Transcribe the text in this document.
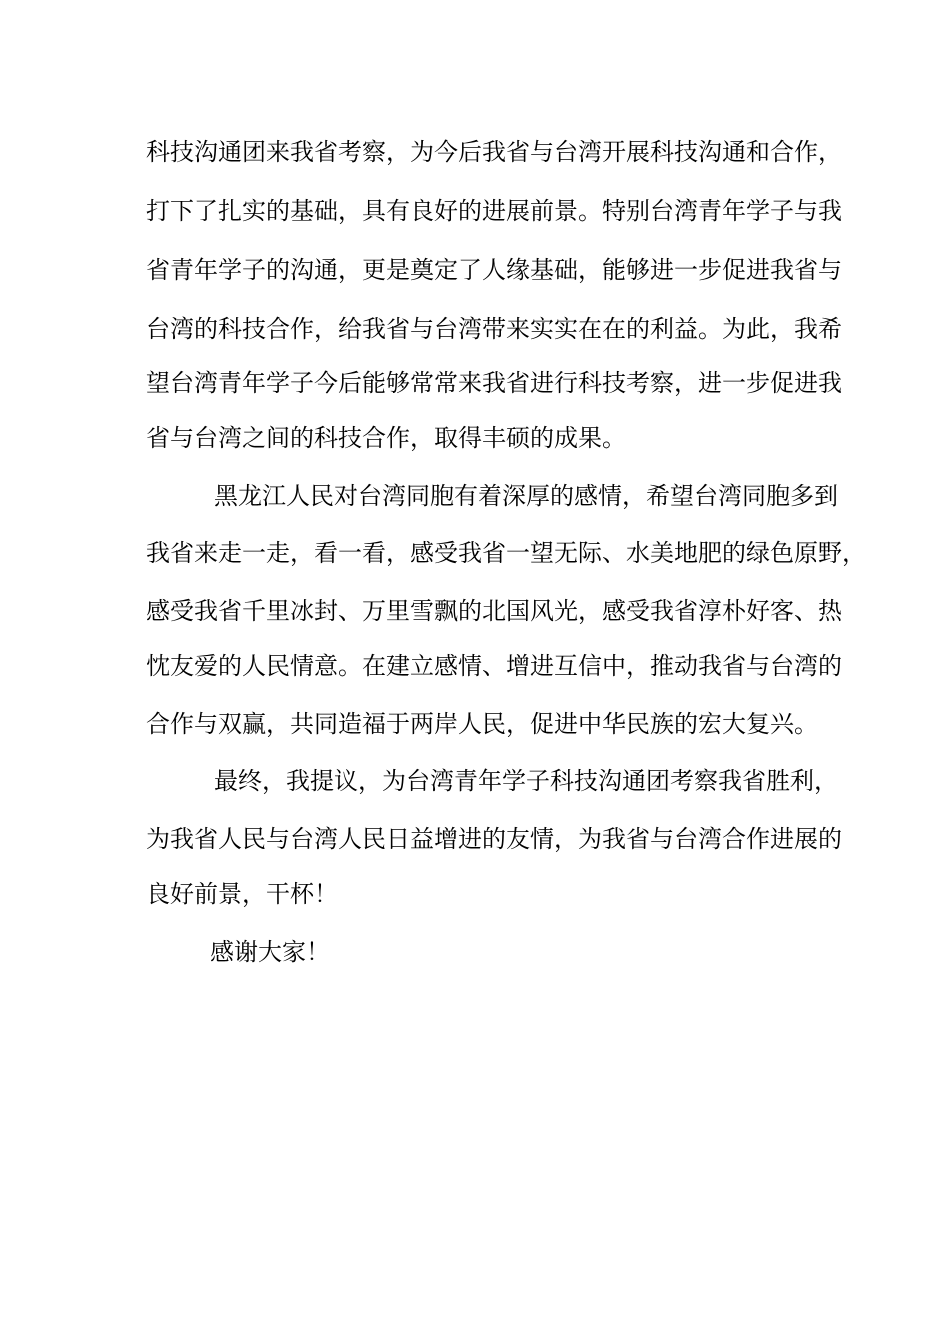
科技沟通团来我省考察，为今后我省与台湾开展科技沟通和合作，
打下了扎实的基础，具有良好的进展前景。特别台湾青年学子与我
省青年学子的沟通，更是奠定了人缘基础，能够进一步促进我省与
台湾的科技合作，给我省与台湾带来实实在在的利益。为此，我希
望台湾青年学子今后能够常常来我省进行科技考察，进一步促进我
省与台湾之间的科技合作，取得丰硕的成果。
黑龙江人民对台湾同胞有着深厚的感情，希望台湾同胞多到
我省来走一走，看一看，感受我省一望无际、水美地肥的绿色原野，
感受我省千里冰封、万里雪飘的北国风光，感受我省淳朴好客、热
忱友爱的人民情意。在建立感情、增进互信中，推动我省与台湾的
合作与双赢，共同造福于两岸人民，促进中华民族的宏大复兴。
最终，我提议，为台湾青年学子科技沟通团考察我省胜利，
为我省人民与台湾人民日益增进的友情，为我省与台湾合作进展的
良好前景，干杯！
感谢大家！
